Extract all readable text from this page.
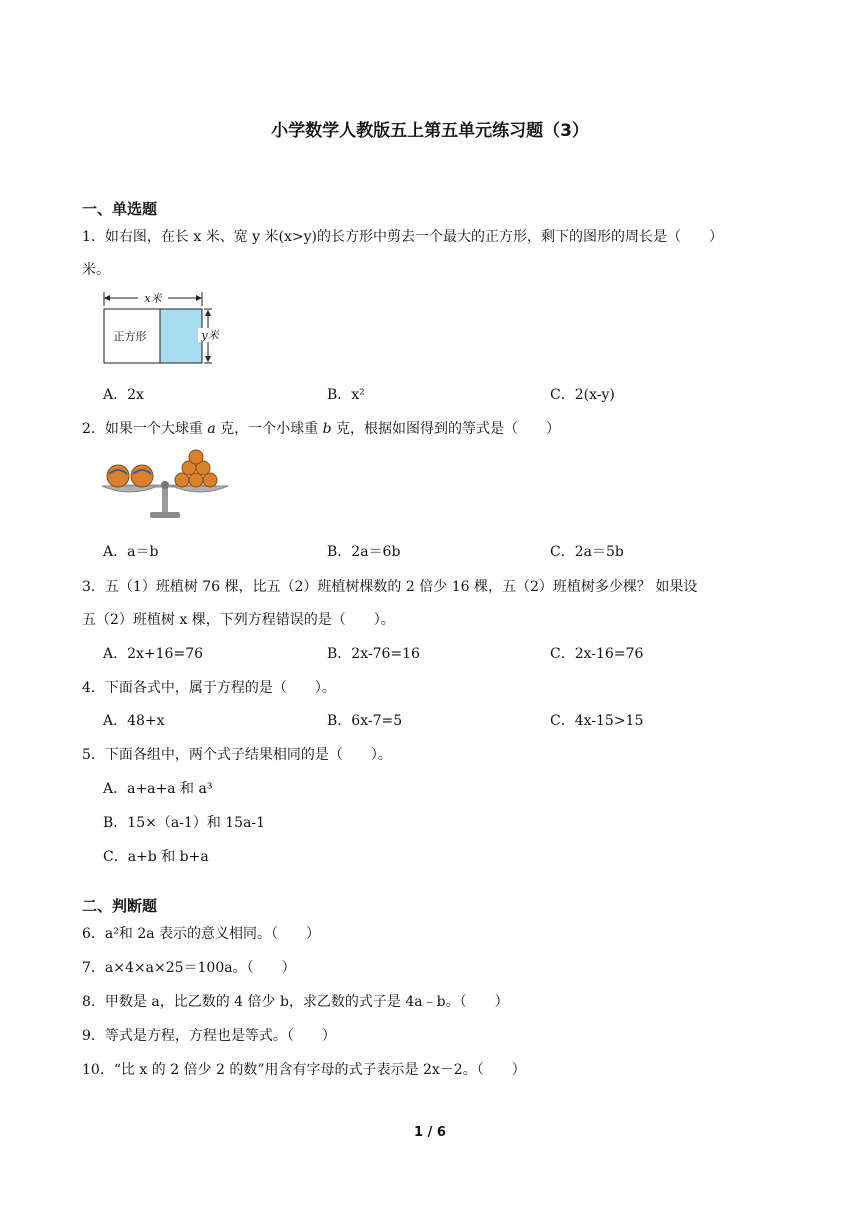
小学数学人教版五上第五单元练习题（3）
一、单选题
1．如右图，在长 x 米、宽 y 米(x>y)的长方形中剪去一个最大的正方形，剩下的图形的周长是（　　）
米。
x米
正方形	y米
A．2x	B．x²	C．2(x-y)
2．如果一个大球重 a 克，一个小球重 b 克，根据如图得到的等式是（　　）
A．a＝b	B．2a＝6b	C．2a＝5b
3．五（1）班植树 76 棵，比五（2）班植树棵数的 2 倍少 16 棵，五（2）班植树多少棵？ 如果设
五（2）班植树 x 棵，下列方程错误的是（　　）。
A．2x+16=76	B．2x-76=16	C．2x-16=76
4．下面各式中，属于方程的是（　　）。
A．48+x	B．6x-7=5	C．4x-15>15
5．下面各组中，两个式子结果相同的是（　　）。
A．a+a+a 和 a³
B．15×（a-1）和 15a-1
C．a+b 和 b+a
二、判断题
6．a²和 2a 表示的意义相同。（　　）
7．a×4×a×25＝100a。（　　）
8．甲数是 a，比乙数的 4 倍少 b，求乙数的式子是 4a﹣b。（　　）
9．等式是方程，方程也是等式。（　　）
10．“比 x 的 2 倍少 2 的数”用含有字母的式子表示是 2x－2。（　　）
1 / 6
